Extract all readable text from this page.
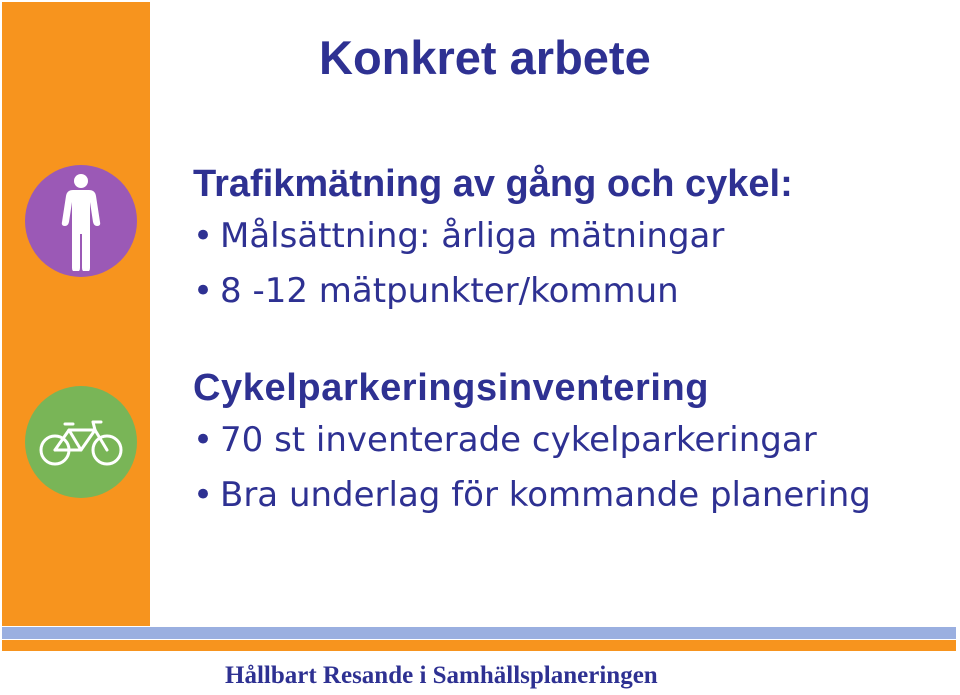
Konkret arbete
Trafikmätning av gång och cykel:
• Målsättning: årliga mätningar
• 8 -12 mätpunkter/kommun
Cykelparkeringsinventering
• 70 st inventerade cykelparkeringar
• Bra underlag för kommande planering
Hållbart Resande i Samhällsplaneringen
